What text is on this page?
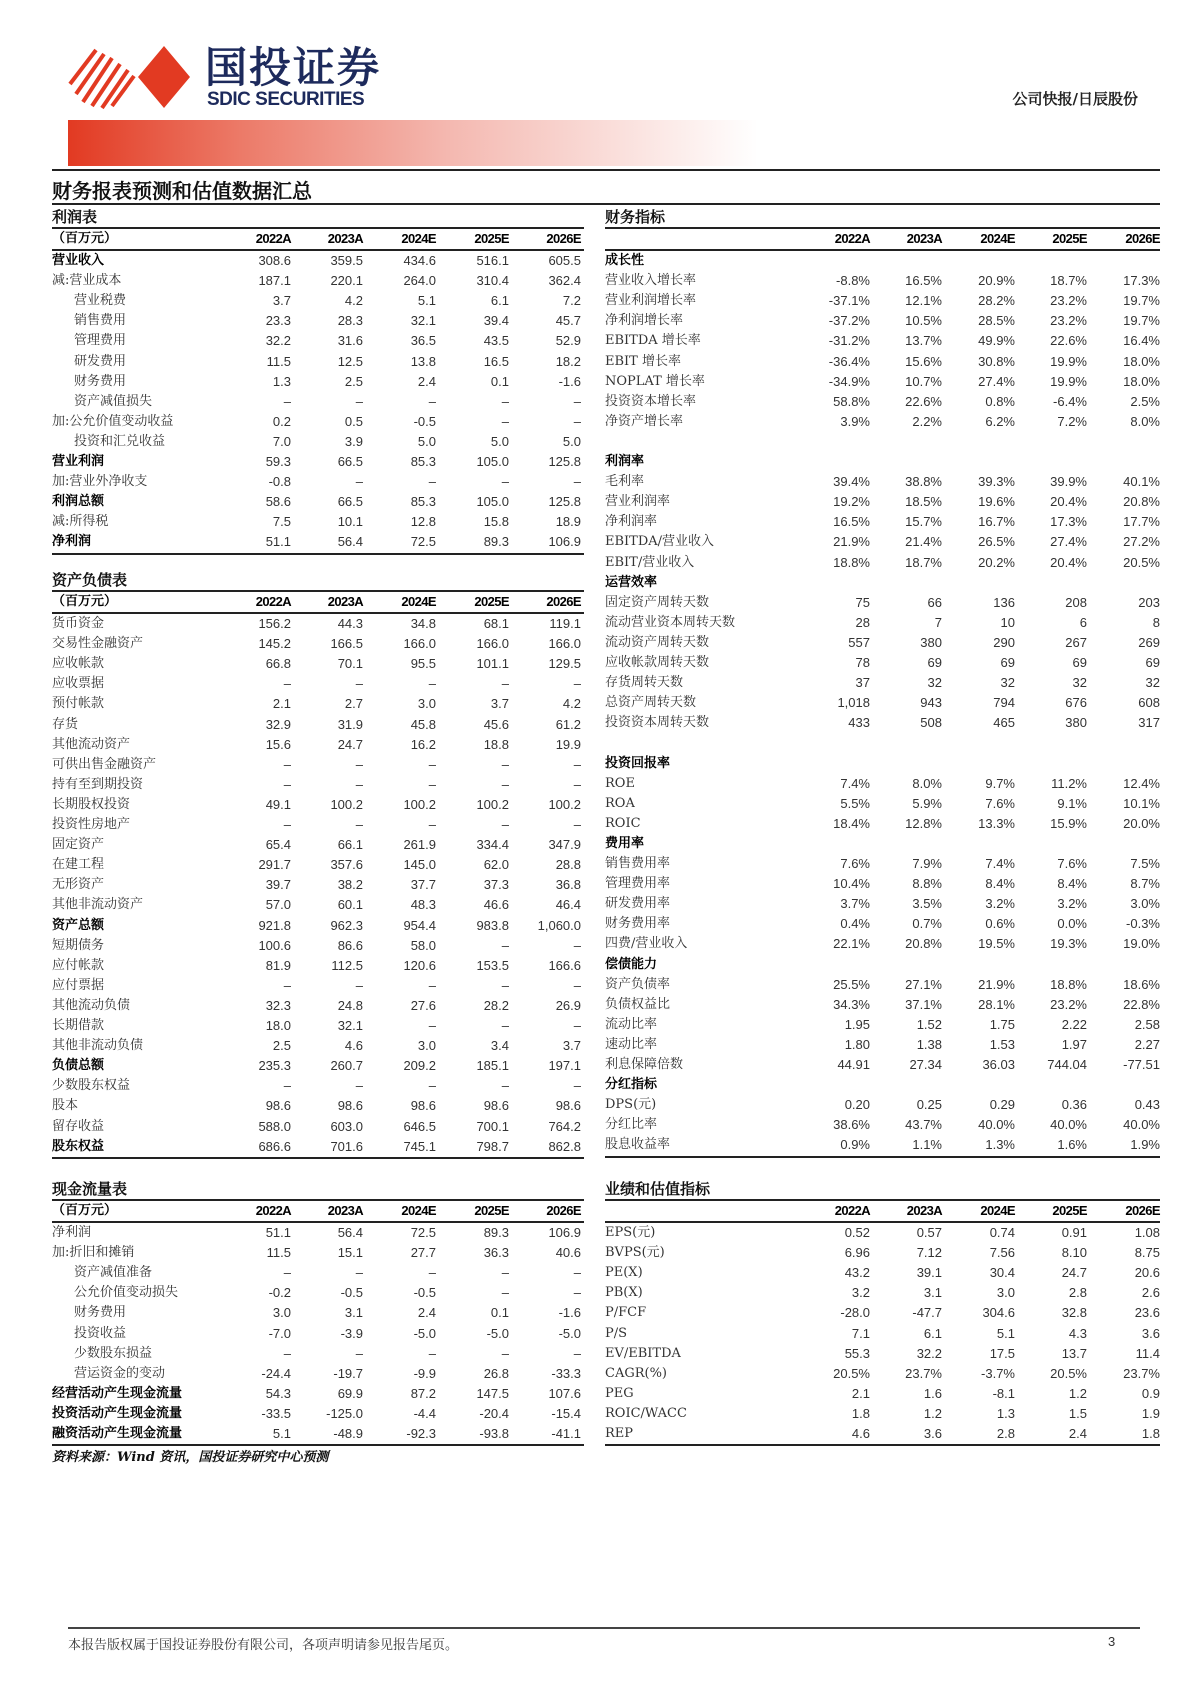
国投证券
SDIC SECURITIES	公司快报/日辰股份
财务报表预测和估值数据汇总
利润表
（百万元）	2022A	2023A	2024E	2025E	2026E
营业收入	308.6	359.5	434.6	516.1	605.5
减:营业成本	187.1	220.1	264.0	310.4	362.4
营业税费	3.7	4.2	5.1	6.1	7.2
销售费用	23.3	28.3	32.1	39.4	45.7
管理费用	32.2	31.6	36.5	43.5	52.9
研发费用	11.5	12.5	13.8	16.5	18.2
财务费用	1.3	2.5	2.4	0.1	-1.6
资产减值损失	–	–	–	–	–
加:公允价值变动收益	0.2	0.5	-0.5	–	–
投资和汇兑收益	7.0	3.9	5.0	5.0	5.0
营业利润	59.3	66.5	85.3	105.0	125.8
加:营业外净收支	-0.8	–	–	–	–
利润总额	58.6	66.5	85.3	105.0	125.8
减:所得税	7.5	10.1	12.8	15.8	18.9
净利润	51.1	56.4	72.5	89.3	106.9
资产负债表
（百万元）	2022A	2023A	2024E	2025E	2026E
货币资金	156.2	44.3	34.8	68.1	119.1
交易性金融资产	145.2	166.5	166.0	166.0	166.0
应收帐款	66.8	70.1	95.5	101.1	129.5
应收票据	–	–	–	–	–
预付帐款	2.1	2.7	3.0	3.7	4.2
存货	32.9	31.9	45.8	45.6	61.2
其他流动资产	15.6	24.7	16.2	18.8	19.9
可供出售金融资产	–	–	–	–	–
持有至到期投资	–	–	–	–	–
长期股权投资	49.1	100.2	100.2	100.2	100.2
投资性房地产	–	–	–	–	–
固定资产	65.4	66.1	261.9	334.4	347.9
在建工程	291.7	357.6	145.0	62.0	28.8
无形资产	39.7	38.2	37.7	37.3	36.8
其他非流动资产	57.0	60.1	48.3	46.6	46.4
资产总额	921.8	962.3	954.4	983.8	1,060.0
短期债务	100.6	86.6	58.0	–	–
应付帐款	81.9	112.5	120.6	153.5	166.6
应付票据	–	–	–	–	–
其他流动负债	32.3	24.8	27.6	28.2	26.9
长期借款	18.0	32.1	–	–	–
其他非流动负债	2.5	4.6	3.0	3.4	3.7
负债总额	235.3	260.7	209.2	185.1	197.1
少数股东权益	–	–	–	–	–
股本	98.6	98.6	98.6	98.6	98.6
留存收益	588.0	603.0	646.5	700.1	764.2
股东权益	686.6	701.6	745.1	798.7	862.8
财务指标
2022A	2023A	2024E	2025E	2026E
成长性
营业收入增长率	-8.8%	16.5%	20.9%	18.7%	17.3%
营业利润增长率	-37.1%	12.1%	28.2%	23.2%	19.7%
净利润增长率	-37.2%	10.5%	28.5%	23.2%	19.7%
EBITDA 增长率	-31.2%	13.7%	49.9%	22.6%	16.4%
EBIT 增长率	-36.4%	15.6%	30.8%	19.9%	18.0%
NOPLAT 增长率	-34.9%	10.7%	27.4%	19.9%	18.0%
投资资本增长率	58.8%	22.6%	0.8%	-6.4%	2.5%
净资产增长率	3.9%	2.2%	6.2%	7.2%	8.0%
利润率
毛利率	39.4%	38.8%	39.3%	39.9%	40.1%
营业利润率	19.2%	18.5%	19.6%	20.4%	20.8%
净利润率	16.5%	15.7%	16.7%	17.3%	17.7%
EBITDA/营业收入	21.9%	21.4%	26.5%	27.4%	27.2%
EBIT/营业收入	18.8%	18.7%	20.2%	20.4%	20.5%
运营效率
固定资产周转天数	75	66	136	208	203
流动营业资本周转天数	28	7	10	6	8
流动资产周转天数	557	380	290	267	269
应收帐款周转天数	78	69	69	69	69
存货周转天数	37	32	32	32	32
总资产周转天数	1,018	943	794	676	608
投资资本周转天数	433	508	465	380	317
投资回报率
ROE	7.4%	8.0%	9.7%	11.2%	12.4%
ROA	5.5%	5.9%	7.6%	9.1%	10.1%
ROIC	18.4%	12.8%	13.3%	15.9%	20.0%
费用率
销售费用率	7.6%	7.9%	7.4%	7.6%	7.5%
管理费用率	10.4%	8.8%	8.4%	8.4%	8.7%
研发费用率	3.7%	3.5%	3.2%	3.2%	3.0%
财务费用率	0.4%	0.7%	0.6%	0.0%	-0.3%
四费/营业收入	22.1%	20.8%	19.5%	19.3%	19.0%
偿债能力
资产负债率	25.5%	27.1%	21.9%	18.8%	18.6%
负债权益比	34.3%	37.1%	28.1%	23.2%	22.8%
流动比率	1.95	1.52	1.75	2.22	2.58
速动比率	1.80	1.38	1.53	1.97	2.27
利息保障倍数	44.91	27.34	36.03	744.04	-77.51
分红指标
DPS(元)	0.20	0.25	0.29	0.36	0.43
分红比率	38.6%	43.7%	40.0%	40.0%	40.0%
股息收益率	0.9%	1.1%	1.3%	1.6%	1.9%
现金流量表
（百万元）	2022A	2023A	2024E	2025E	2026E
净利润	51.1	56.4	72.5	89.3	106.9
加:折旧和摊销	11.5	15.1	27.7	36.3	40.6
资产减值准备	–	–	–	–	–
公允价值变动损失	-0.2	-0.5	-0.5	–	–
财务费用	3.0	3.1	2.4	0.1	-1.6
投资收益	-7.0	-3.9	-5.0	-5.0	-5.0
少数股东损益	–	–	–	–	–
营运资金的变动	-24.4	-19.7	-9.9	26.8	-33.3
经营活动产生现金流量	54.3	69.9	87.2	147.5	107.6
投资活动产生现金流量	-33.5	-125.0	-4.4	-20.4	-15.4
融资活动产生现金流量	5.1	-48.9	-92.3	-93.8	-41.1
业绩和估值指标
2022A	2023A	2024E	2025E	2026E
EPS(元)	0.52	0.57	0.74	0.91	1.08
BVPS(元)	6.96	7.12	7.56	8.10	8.75
PE(X)	43.2	39.1	30.4	24.7	20.6
PB(X)	3.2	3.1	3.0	2.8	2.6
P/FCF	-28.0	-47.7	304.6	32.8	23.6
P/S	7.1	6.1	5.1	4.3	3.6
EV/EBITDA	55.3	32.2	17.5	13.7	11.4
CAGR(%)	20.5%	23.7%	-3.7%	20.5%	23.7%
PEG	2.1	1.6	-8.1	1.2	0.9
ROIC/WACC	1.8	1.2	1.3	1.5	1.9
REP	4.6	3.6	2.8	2.4	1.8
资料来源：Wind 资讯，国投证券研究中心预测
本报告版权属于国投证券股份有限公司，各项声明请参见报告尾页。	3
